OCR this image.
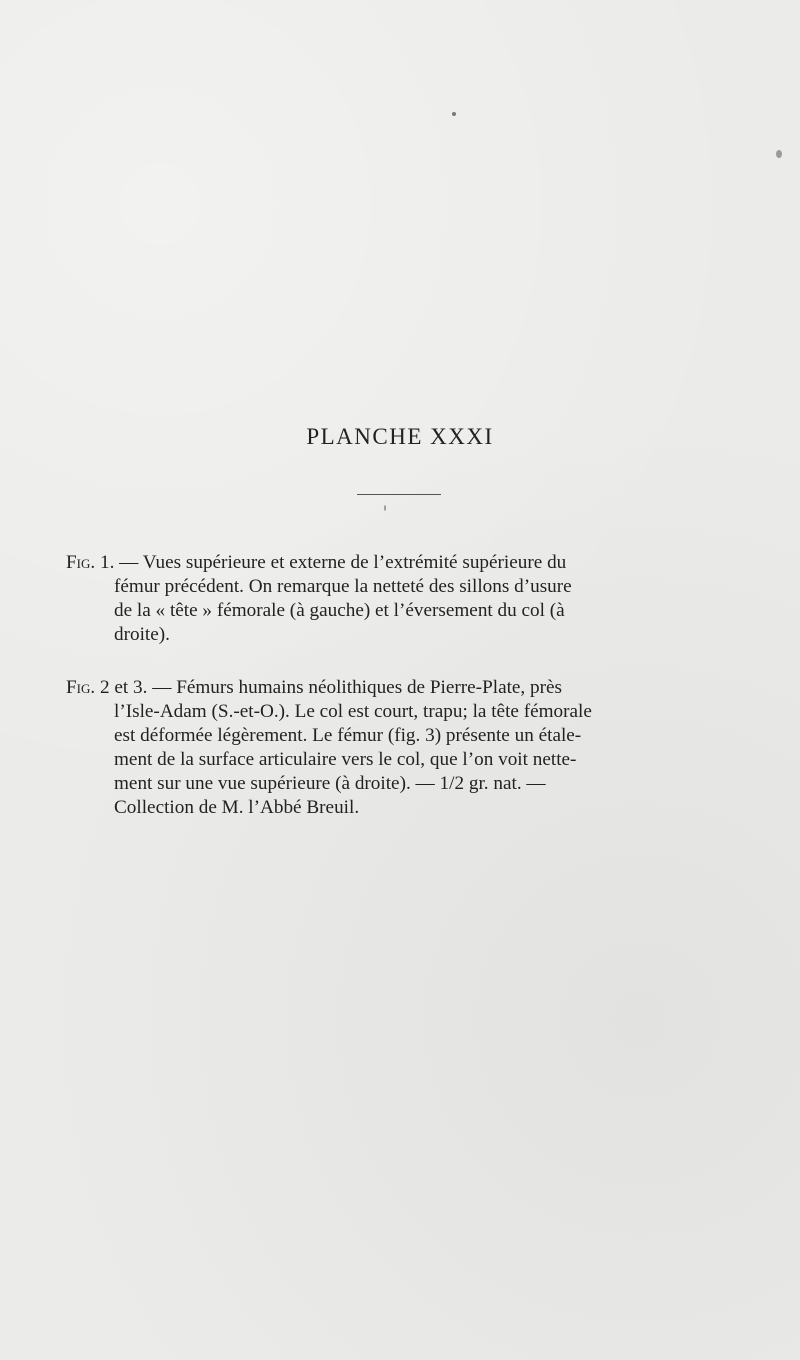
PLANCHE XXXI
Fig. 1. — Vues supérieure et externe de l’extrémité supérieure du
fémur précédent. On remarque la netteté des sillons d’usure
de la « tête » fémorale (à gauche) et l’éversement du col (à
droite).
Fig. 2 et 3. — Fémurs humains néolithiques de Pierre-Plate, près
l’Isle-Adam (S.-et-O.). Le col est court, trapu; la tête fémorale
est déformée légèrement. Le fémur (fig. 3) présente un étale-
ment de la surface articulaire vers le col, que l’on voit nette-
ment sur une vue supérieure (à droite). — 1/2 gr. nat. —
Collection de M. l’Abbé Breuil.
